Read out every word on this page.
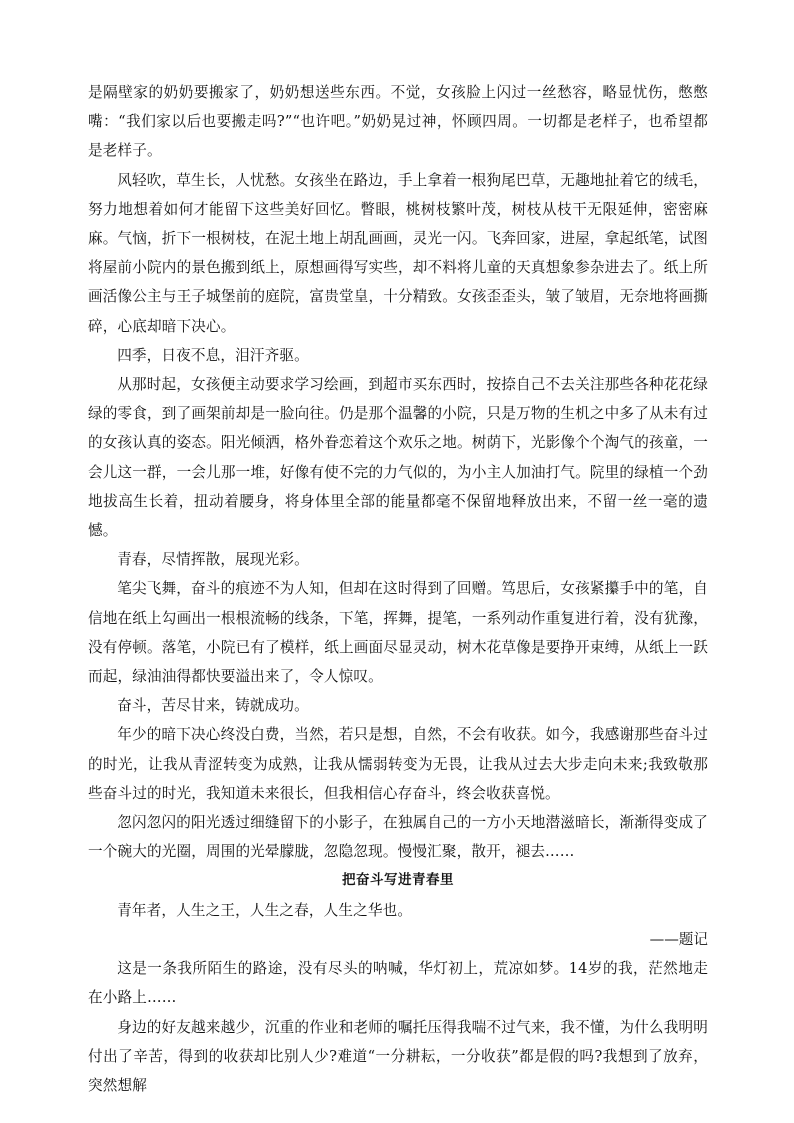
是隔壁家的奶奶要搬家了，奶奶想送些东西。不觉，女孩脸上闪过一丝愁容，略显忧伤，憋憋嘴：“我们家以后也要搬走吗?”“也许吧。”奶奶晃过神，怀顾四周。一切都是老样子，也希望都是老样子。

风轻吹，草生长，人忧愁。女孩坐在路边，手上拿着一根狗尾巴草，无趣地扯着它的绒毛，努力地想着如何才能留下这些美好回忆。瞥眼，桃树枝繁叶茂，树枝从枝干无限延伸，密密麻麻。气恼，折下一根树枝，在泥土地上胡乱画画，灵光一闪。飞奔回家，进屋，拿起纸笔，试图将屋前小院内的景色搬到纸上，原想画得写实些，却不料将儿童的天真想象参杂进去了。纸上所画活像公主与王子城堡前的庭院，富贵堂皇，十分精致。女孩歪歪头，皱了皱眉，无奈地将画撕碎，心底却暗下决心。

四季，日夜不息，泪汗齐驱。

从那时起，女孩便主动要求学习绘画，到超市买东西时，按捺自己不去关注那些各种花花绿绿的零食，到了画架前却是一脸向往。仍是那个温馨的小院，只是万物的生机之中多了从未有过的女孩认真的姿态。阳光倾洒，格外眷恋着这个欢乐之地。树荫下，光影像个个淘气的孩童，一会儿这一群，一会儿那一堆，好像有使不完的力气似的，为小主人加油打气。院里的绿植一个劲地拔高生长着，扭动着腰身，将身体里全部的能量都毫不保留地释放出来，不留一丝一毫的遗憾。

青春，尽情挥散，展现光彩。

笔尖飞舞，奋斗的痕迹不为人知，但却在这时得到了回赠。笃思后，女孩紧攥手中的笔，自信地在纸上勾画出一根根流畅的线条，下笔，挥舞，提笔，一系列动作重复进行着，没有犹豫，没有停顿。落笔，小院已有了模样，纸上画面尽显灵动，树木花草像是要挣开束缚，从纸上一跃而起，绿油油得都快要溢出来了，令人惊叹。

奋斗，苦尽甘来，铸就成功。

年少的暗下决心终没白费，当然，若只是想，自然，不会有收获。如今，我感谢那些奋斗过的时光，让我从青涩转变为成熟，让我从懦弱转变为无畏，让我从过去大步走向未来;我致敬那些奋斗过的时光，我知道未来很长，但我相信心存奋斗，终会收获喜悦。

忽闪忽闪的阳光透过细缝留下的小影子，在独属自己的一方小天地潜滋暗长，渐渐得变成了一个碗大的光圈，周围的光晕朦胧，忽隐忽现。慢慢汇聚，散开，褪去……

把奋斗写进青春里

青年者，人生之王，人生之春，人生之华也。

——题记

这是一条我所陌生的路途，没有尽头的呐喊，华灯初上，荒凉如梦。14岁的我，茫然地走在小路上……

身边的好友越来越少，沉重的作业和老师的嘱托压得我喘不过气来，我不懂，为什么我明明付出了辛苦，得到的收获却比别人少?难道“一分耕耘，一分收获”都是假的吗?我想到了放弃，突然想解
